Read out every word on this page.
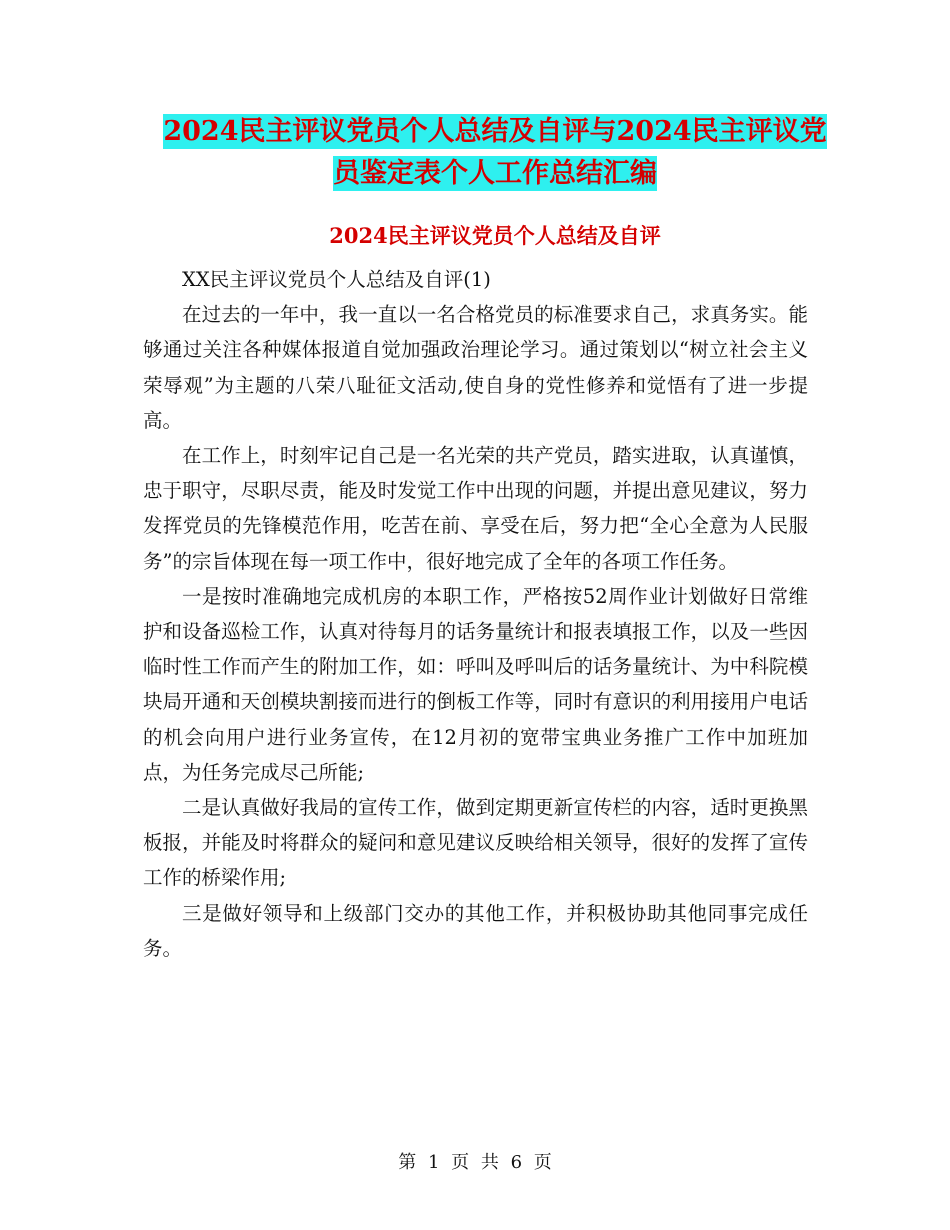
2024民主评议党员个人总结及自评与2024民主评议党
员鉴定表个人工作总结汇编
2024民主评议党员个人总结及自评

XX民主评议党员个人总结及自评(1)

在过去的一年中，我一直以一名合格党员的标准要求自己，求真务实。能够通过关注各种媒体报道自觉加强政治理论学习。通过策划以“树立社会主义荣辱观”为主题的八荣八耻征文活动,使自身的党性修养和觉悟有了进一步提高。

在工作上，时刻牢记自己是一名光荣的共产党员，踏实进取，认真谨慎，忠于职守，尽职尽责，能及时发觉工作中出现的问题，并提出意见建议，努力发挥党员的先锋模范作用，吃苦在前、享受在后，努力把“全心全意为人民服务”的宗旨体现在每一项工作中，很好地完成了全年的各项工作任务。

一是按时准确地完成机房的本职工作，严格按52周作业计划做好日常维护和设备巡检工作，认真对待每月的话务量统计和报表填报工作，以及一些因临时性工作而产生的附加工作，如：呼叫及呼叫后的话务量统计、为中科院模块局开通和天创模块割接而进行的倒板工作等，同时有意识的利用接用户电话的机会向用户进行业务宣传，在12月初的宽带宝典业务推广工作中加班加点，为任务完成尽己所能;

二是认真做好我局的宣传工作，做到定期更新宣传栏的内容，适时更换黑板报，并能及时将群众的疑问和意见建议反映给相关领导，很好的发挥了宣传工作的桥梁作用;

三是做好领导和上级部门交办的其他工作，并积极协助其他同事完成任务。

第 1 页 共 6 页
